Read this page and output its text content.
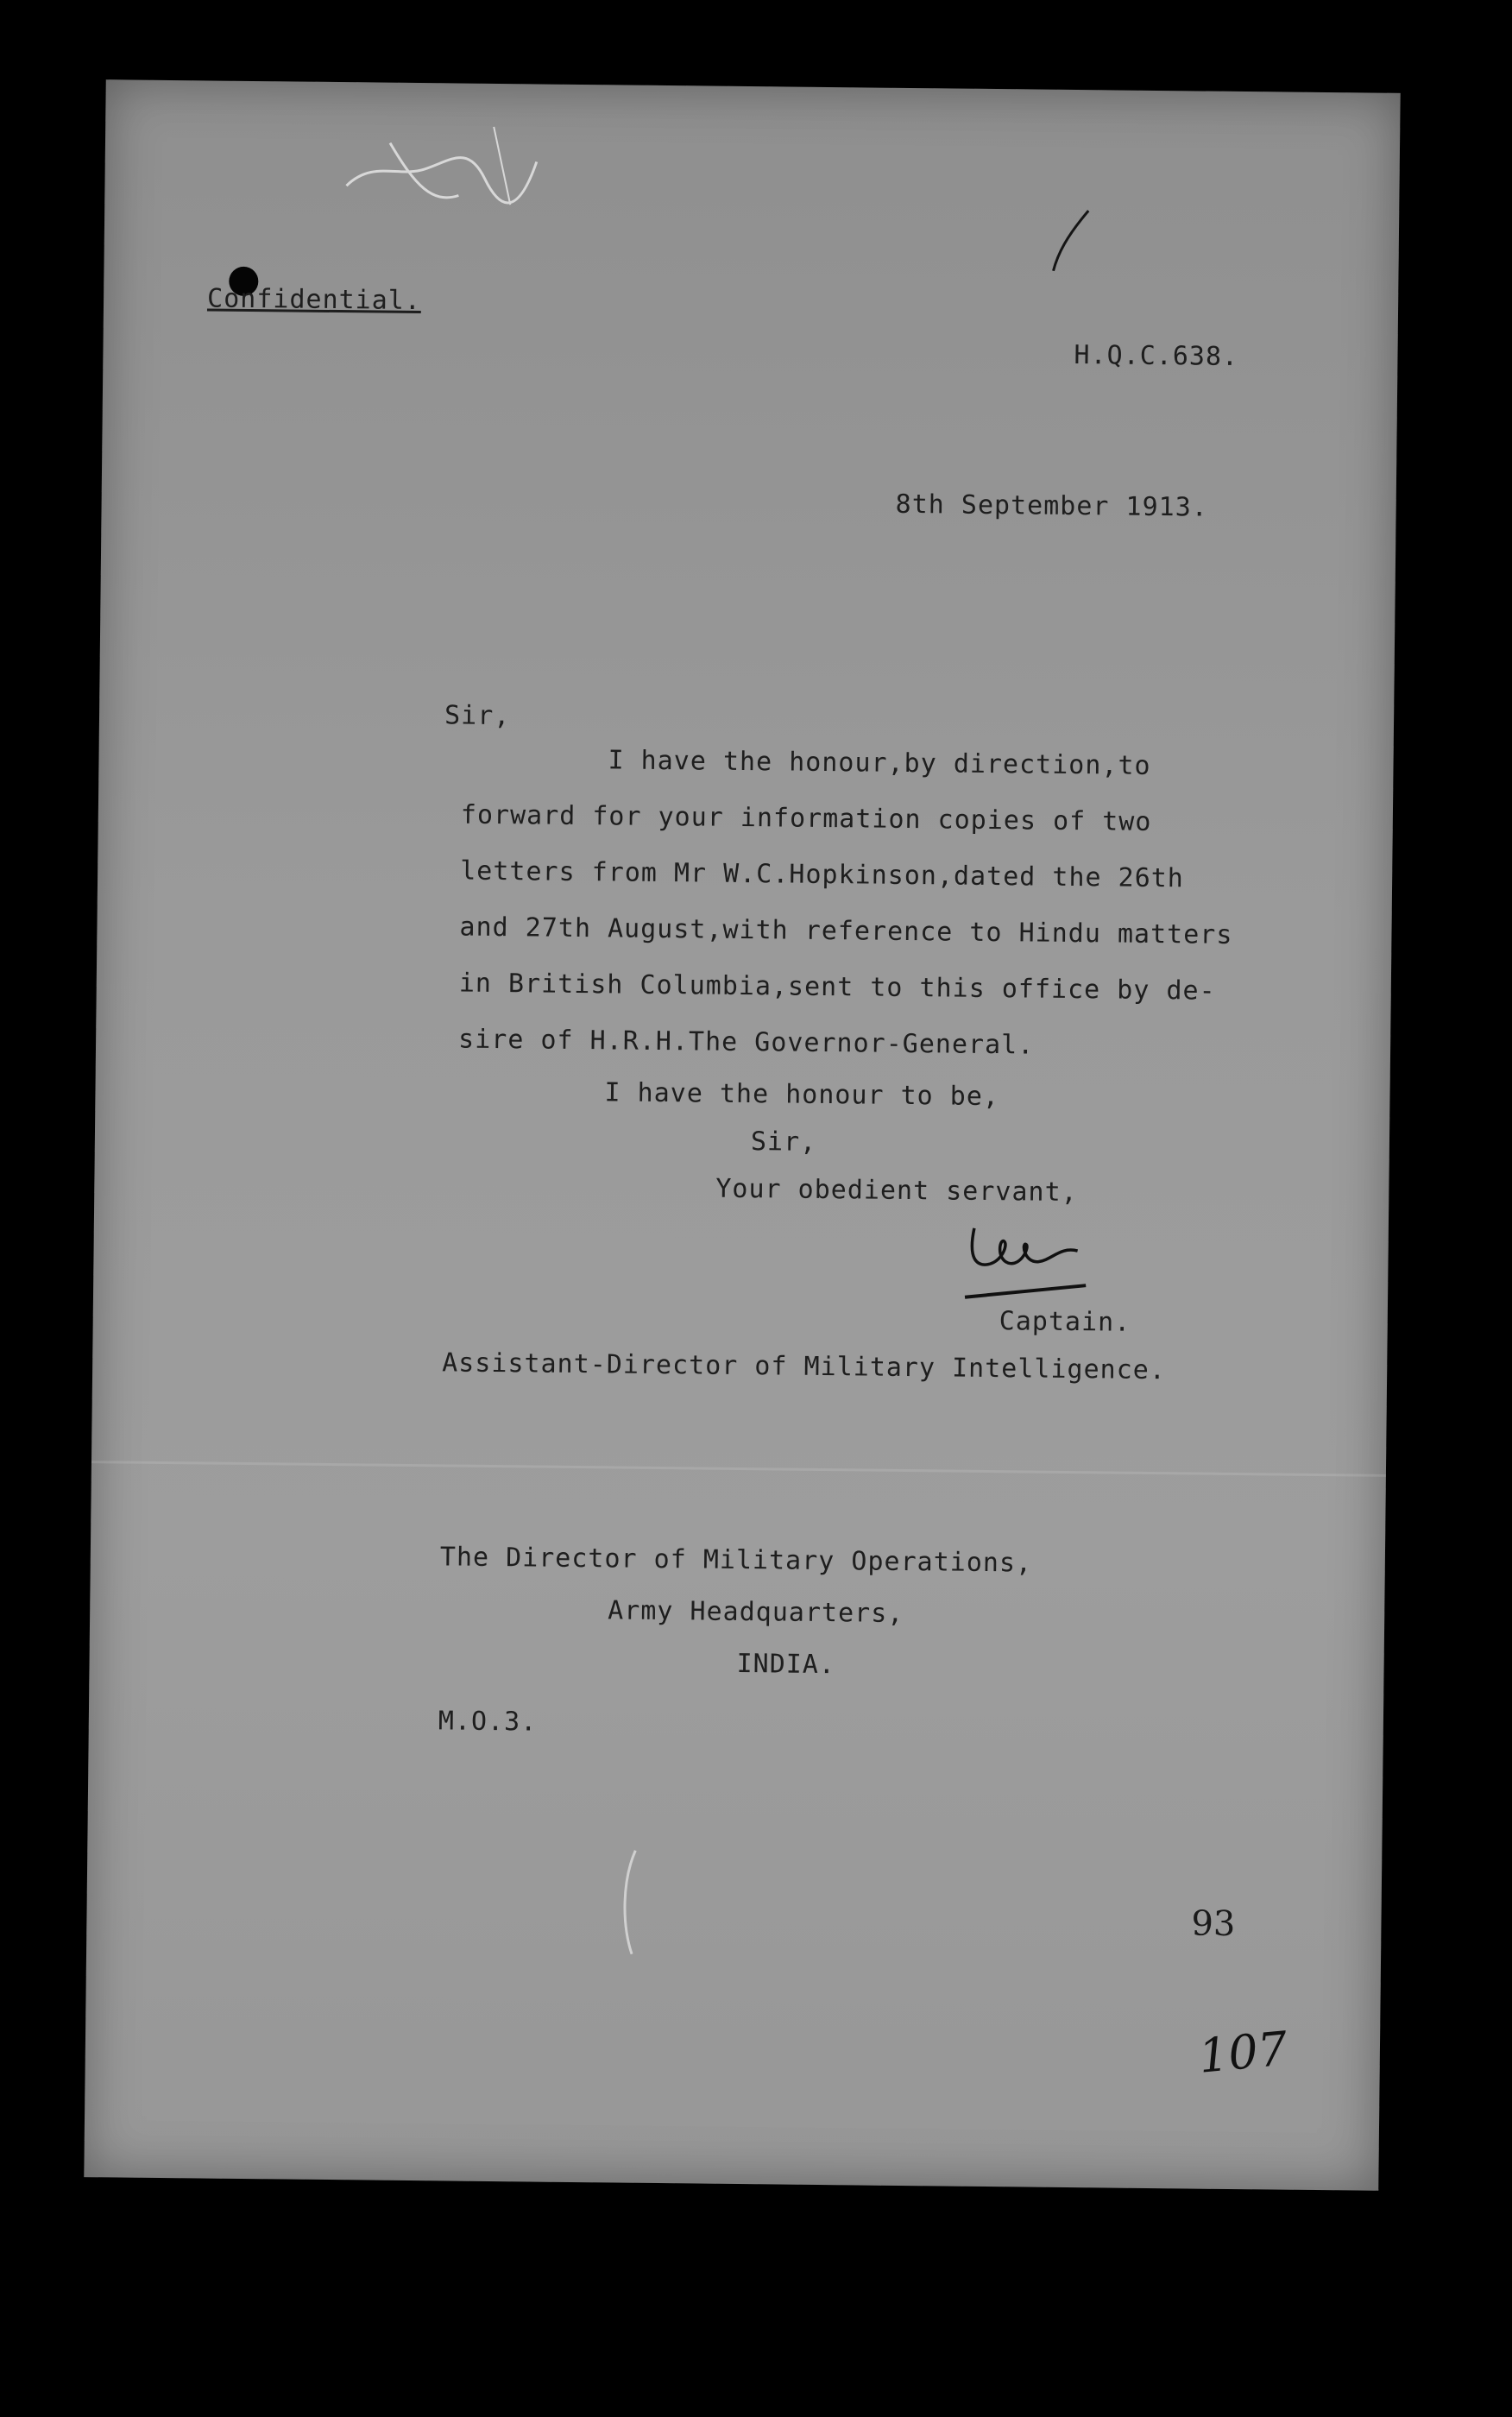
Confidential.
H.Q.C.638.
8th September 1913.
Sir,
I have the honour,by direction,to
forward for your information copies of two
letters from Mr W.C.Hopkinson,dated the 26th
and 27th August,with reference to Hindu matters
in British Columbia,sent to this office by de-
sire of H.R.H.The Governor-General.
I have the honour to be,
Sir,
Your obedient servant,
Captain.
Assistant-Director of Military Intelligence.
The Director of Military Operations,
Army Headquarters,
INDIA.
M.O.3.
93
107
